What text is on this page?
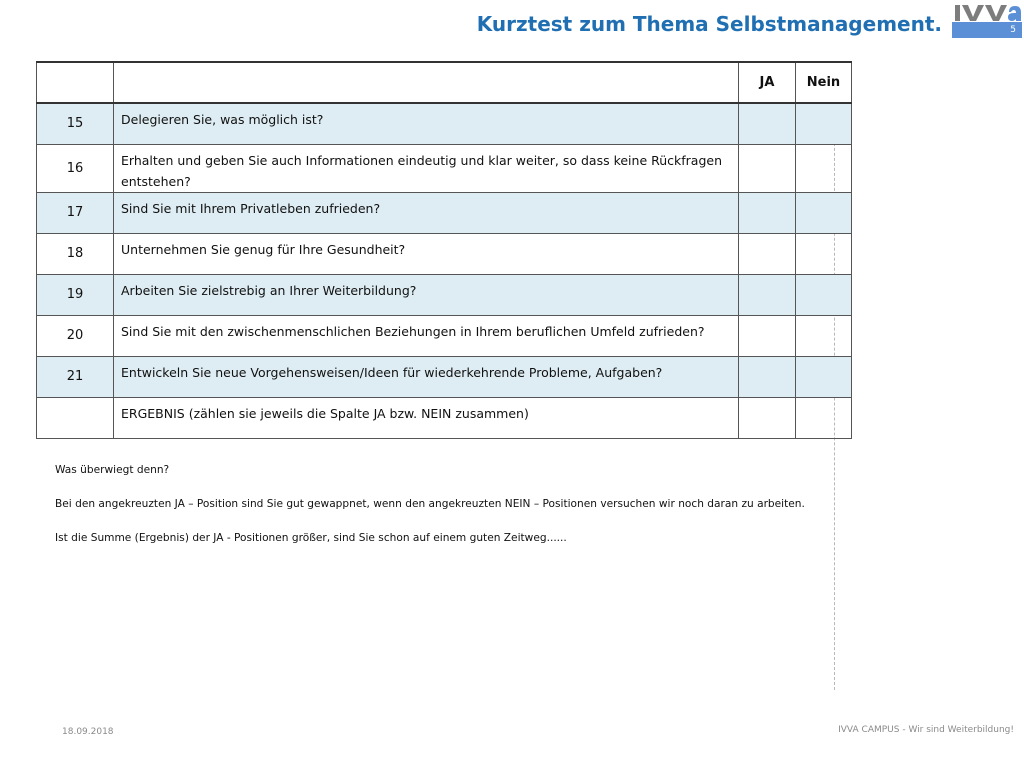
Kurztest zum Thema Selbstmanagement.	5
		JA	Nein
15	Delegieren Sie, was möglich ist?		
16	Erhalten und geben Sie auch Informationen eindeutig und klar weiter, so dass keine Rückfragen entstehen?		
17	Sind Sie mit Ihrem Privatleben zufrieden?		
18	Unternehmen Sie genug für Ihre Gesundheit?		
19	Arbeiten Sie zielstrebig an Ihrer Weiterbildung?		
20	Sind Sie mit den zwischenmenschlichen Beziehungen in Ihrem beruflichen Umfeld zufrieden?		
21	Entwickeln Sie neue Vorgehensweisen/Ideen für wiederkehrende Probleme, Aufgaben?		
	ERGEBNIS (zählen sie jeweils die Spalte JA bzw. NEIN zusammen)		

Was überwiegt denn?

Bei den angekreuzten JA – Position sind Sie gut gewappnet, wenn den angekreuzten NEIN – Positionen versuchen wir noch daran zu arbeiten.

Ist die Summe (Ergebnis) der JA - Positionen größer, sind Sie schon auf einem guten Zeitweg......

18.09.2018	IVVA CAMPUS - Wir sind Weiterbildung!
